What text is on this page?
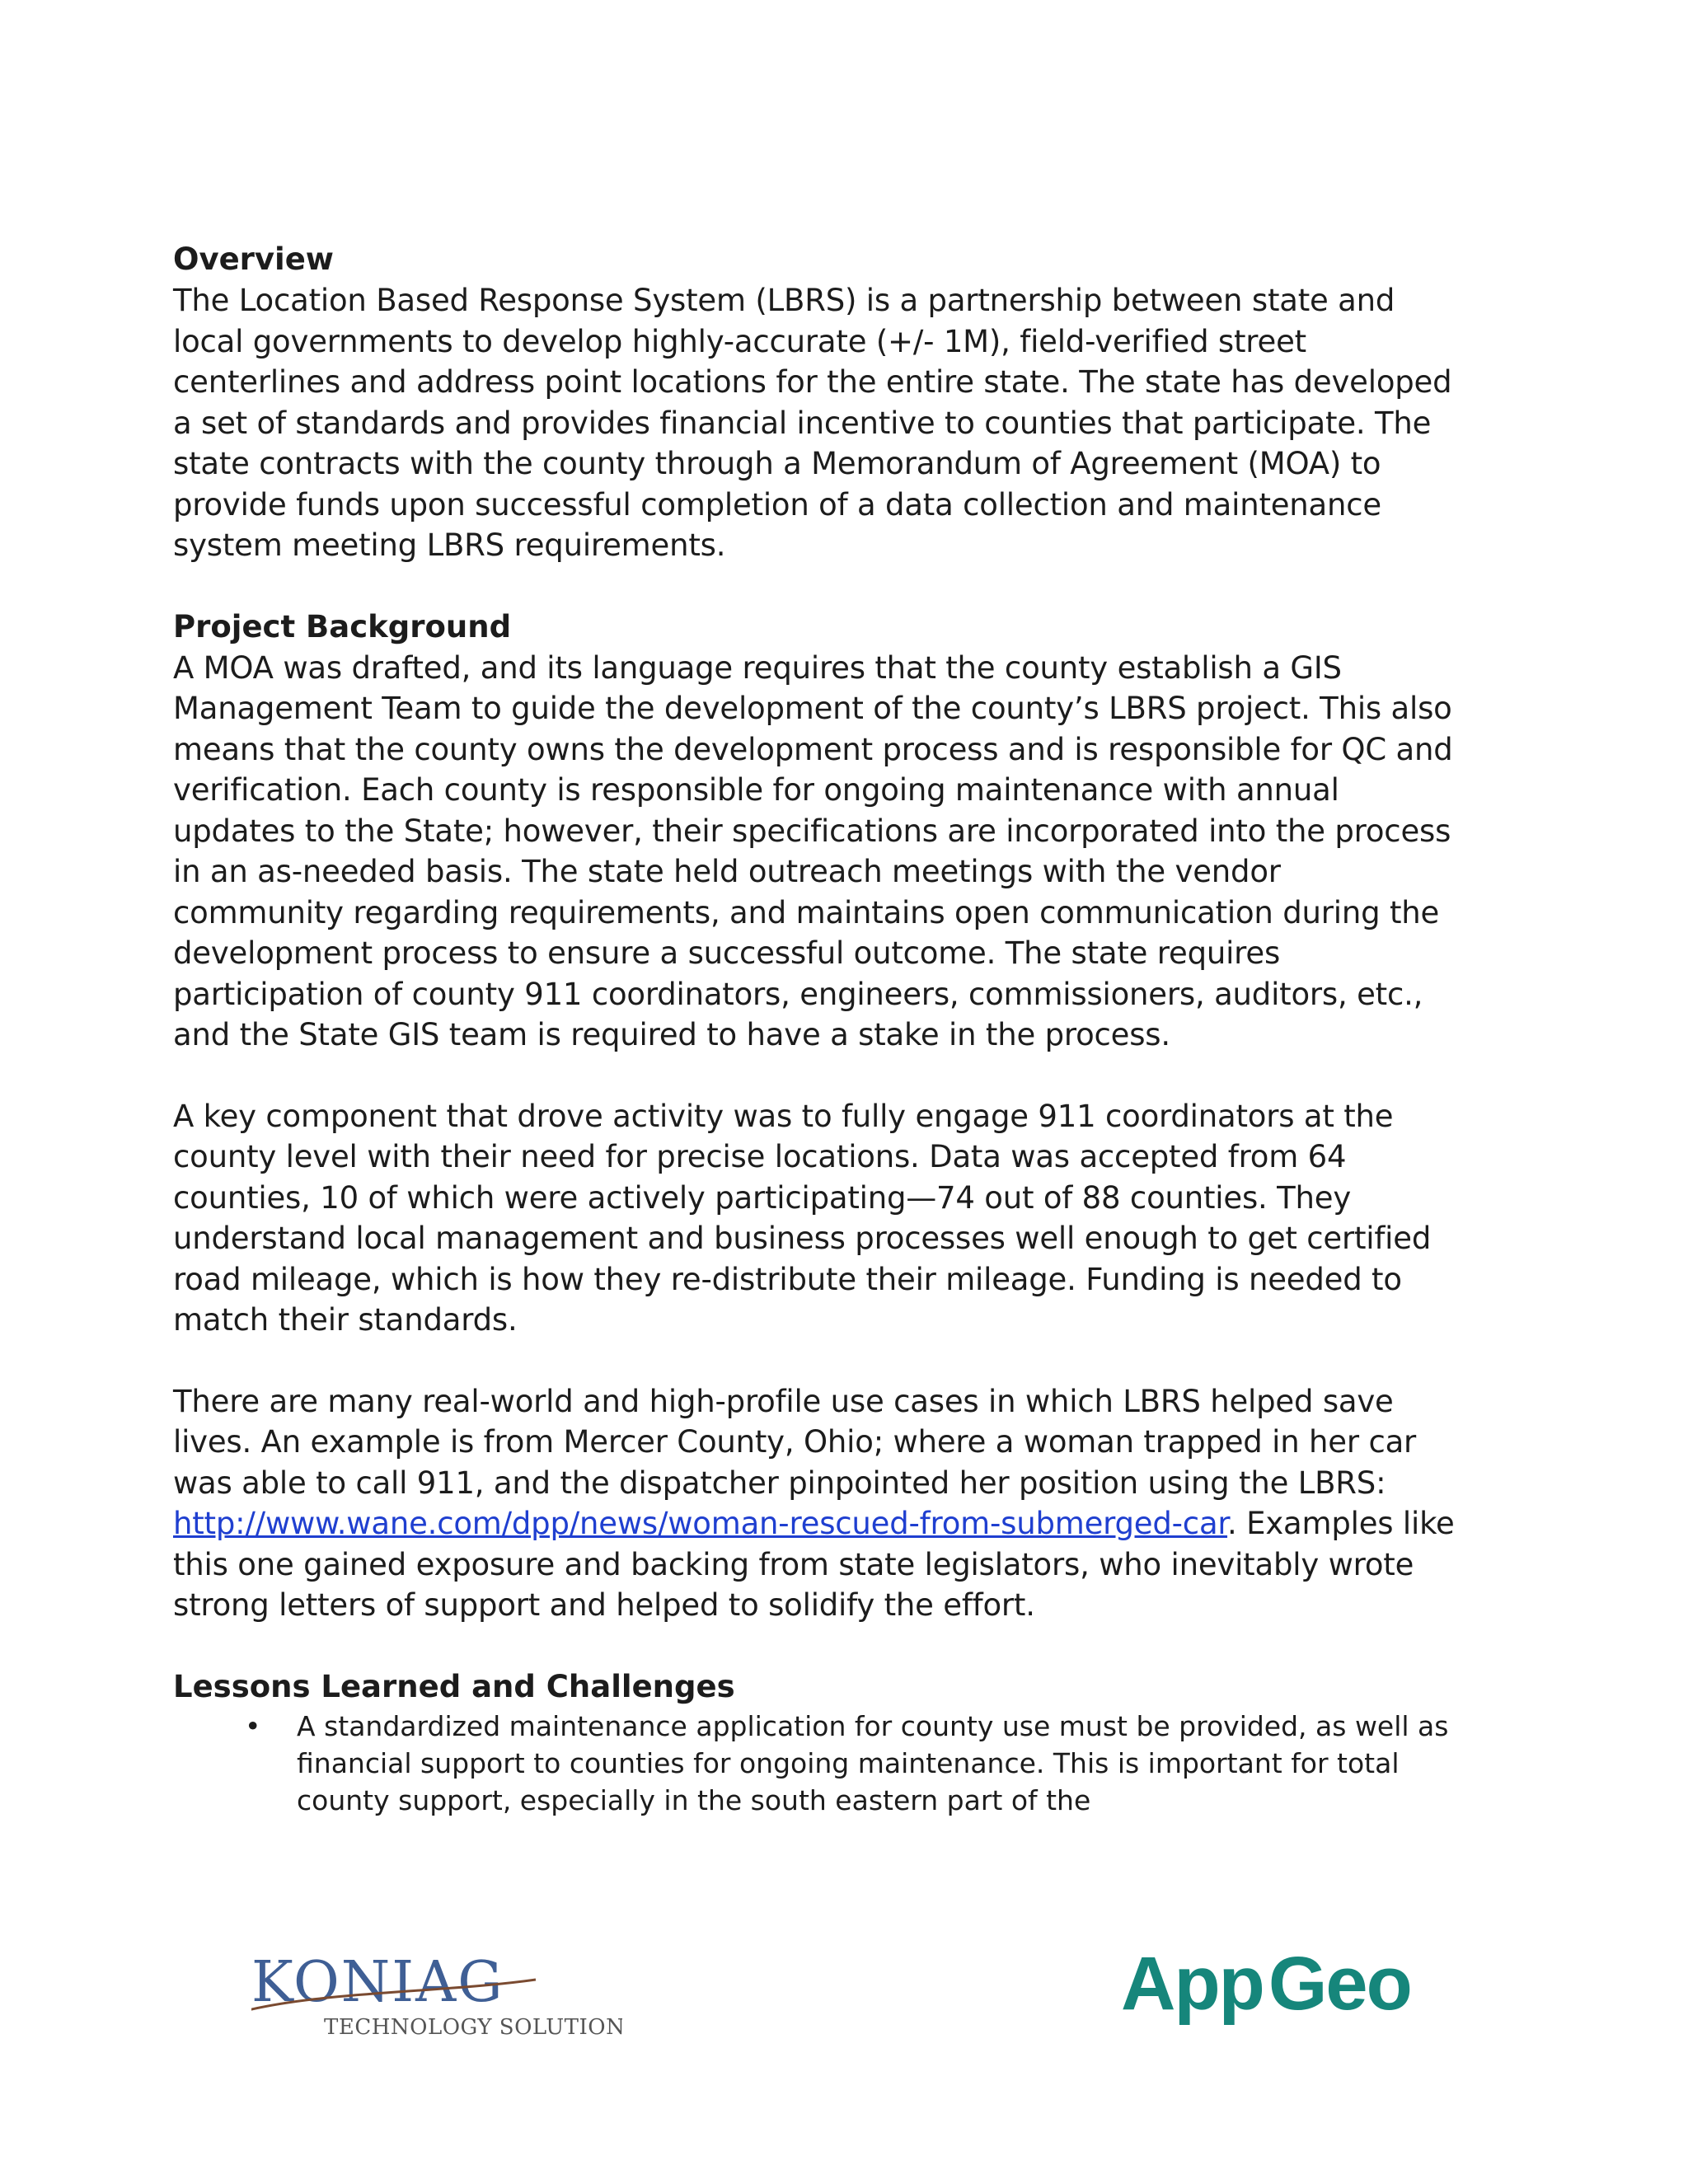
Overview

The Location Based Response System (LBRS) is a partnership between state and local governments to develop highly-accurate (+/- 1M), field-verified street centerlines and address point locations for the entire state. The state has developed a set of standards and provides financial incentive to counties that participate. The state contracts with the county through a Memorandum of Agreement (MOA) to provide funds upon successful completion of a data collection and maintenance system meeting LBRS requirements.

Project Background

A MOA was drafted, and its language requires that the county establish a GIS Management Team to guide the development of the county’s LBRS project. This also means that the county owns the development process and is responsible for QC and verification. Each county is responsible for ongoing maintenance with annual updates to the State; however, their specifications are incorporated into the process in an as-needed basis. The state held outreach meetings with the vendor community regarding requirements, and maintains open communication during the development process to ensure a successful outcome. The state requires participation of county 911 coordinators, engineers, commissioners, auditors, etc., and the State GIS team is required to have a stake in the process.

A key component that drove activity was to fully engage 911 coordinators at the county level with their need for precise locations. Data was accepted from 64 counties, 10 of which were actively participating—74 out of 88 counties. They understand local management and business processes well enough to get certified road mileage, which is how they re-distribute their mileage. Funding is needed to match their standards.

There are many real-world and high-profile use cases in which LBRS helped save lives. An example is from Mercer County, Ohio; where a woman trapped in her car was able to call 911, and the dispatcher pinpointed her position using the LBRS: http://www.wane.com/dpp/news/woman-rescued-from-submerged-car. Examples like this one gained exposure and backing from state legislators, who inevitably wrote strong letters of support and helped to solidify the effort.

Lessons Learned and Challenges
• A standardized maintenance application for county use must be provided, as well as financial support to counties for ongoing maintenance. This is important for total county support, especially in the south eastern part of the
KONIAG
TECHNOLOGY SOLUTIONS
AppGeo
